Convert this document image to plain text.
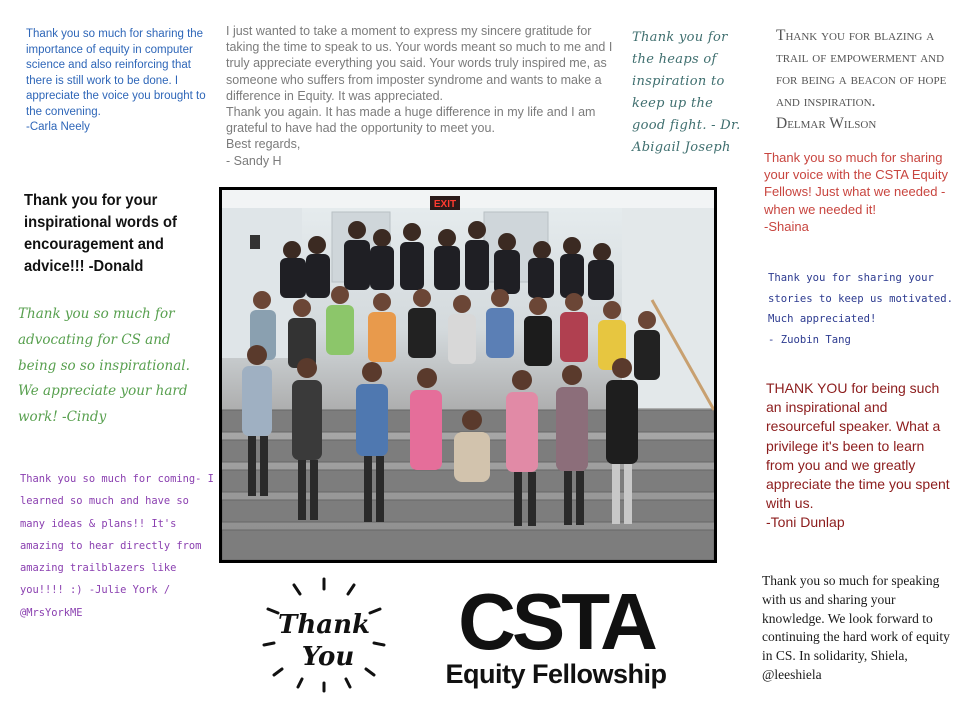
Thank you so much for sharing the importance of equity in computer science and also reinforcing that there is still work to be done. I appreciate the voice you brought to the convening.
-Carla Neely

I just wanted to take a moment to express my sincere gratitude for taking the time to speak to us. Your words meant so much to me and I truly appreciate everything you said. Your words truly inspired me, as someone who suffers from imposter syndrome and wants to make a difference in Equity. It was appreciated.
Thank you again. It has made a huge difference in my life and I am grateful to have had the opportunity to meet you.
Best regards,
- Sandy H

Thank you for the heaps of inspiration to keep up the good fight. - Dr. Abigail Joseph

Thank you for blazing a trail of empowerment and for being a beacon of hope and inspiration.
Delmar Wilson

Thank you for your inspirational words of encouragement and advice!!! -Donald

Thank you so much for sharing your voice with the CSTA Equity Fellows! Just what we needed - when we needed it!
-Shaina

Thank you so much for advocating for CS and being so so inspirational. We appreciate your hard work! -Cindy

Thank you for sharing your stories to keep us motivated. Much appreciated!
- Zuobin Tang

Thank you so much for coming- I learned so much and have so many ideas & plans!! It's amazing to hear directly from amazing trailblazers like you!!!! :) -Julie York / @MrsYorkME

THANK YOU for being such an inspirational and resourceful speaker. What a privilege it's been to learn from you and we greatly appreciate the time you spent with us.
-Toni Dunlap

Thank you so much for speaking with us and sharing your knowledge. We look forward to continuing the hard work of equity in CS. In solidarity, Shiela, @leeshiela

EXIT
Thank
You CSTA
Equity Fellowship
